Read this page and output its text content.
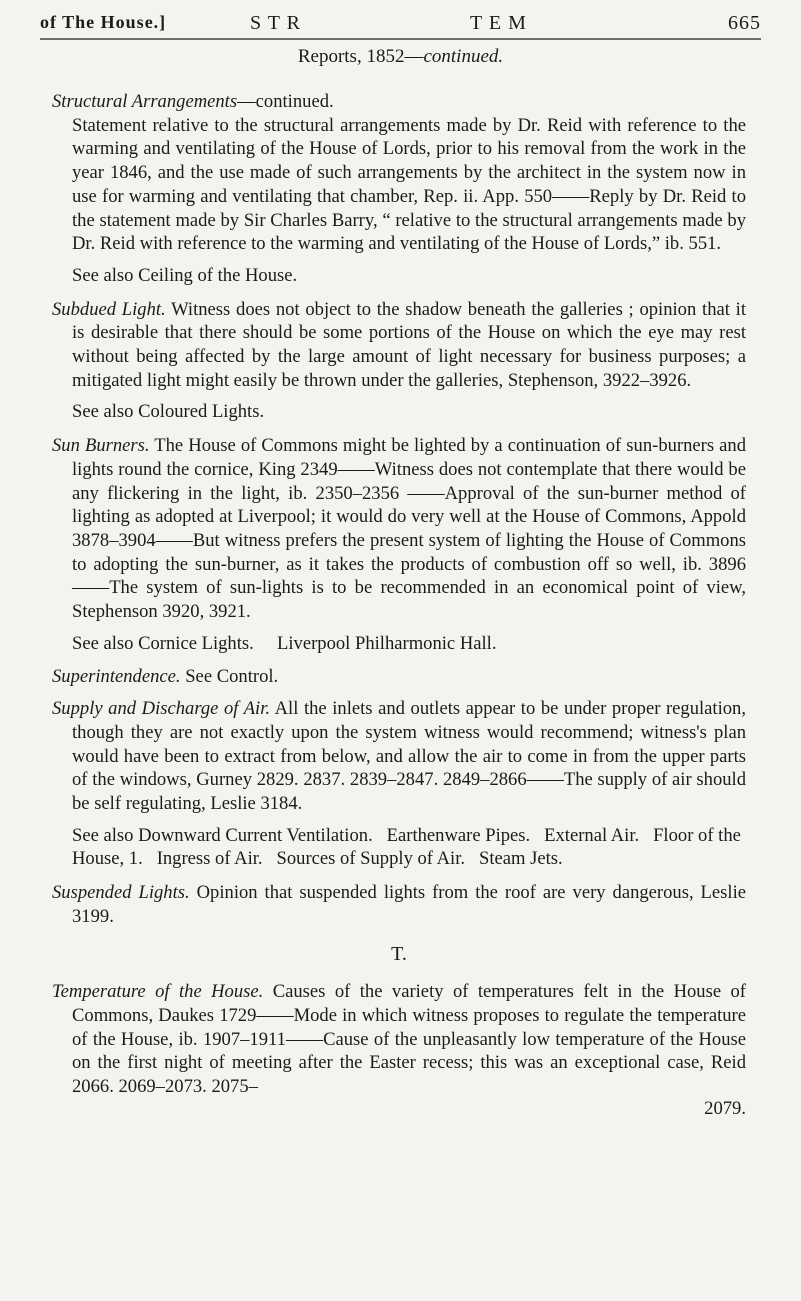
of The House.]	S T R	T E M	665
Reports, 1852—continued.

Structural Arrangements—continued.

Statement relative to the structural arrangements made by Dr. Reid with reference to the warming and ventilating of the House of Lords, prior to his removal from the work in the year 1846, and the use made of such arrangements by the architect in the system now in use for warming and ventilating that chamber, Rep. ii. App. 550——Reply by Dr. Reid to the statement made by Sir Charles Barry, “ relative to the structural arrangements made by Dr. Reid with reference to the warming and ventilating of the House of Lords,” ib. 551.

See also Ceiling of the House.

Subdued Light. Witness does not object to the shadow beneath the galleries ; opinion that it is desirable that there should be some portions of the House on which the eye may rest without being affected by the large amount of light necessary for business purposes; a mitigated light might easily be thrown under the galleries, Stephenson, 3922–3926.

See also Coloured Lights.

Sun Burners. The House of Commons might be lighted by a continuation of sun-burners and lights round the cornice, King 2349——Witness does not contemplate that there would be any flickering in the light, ib. 2350–2356 ——Approval of the sun-burner method of lighting as adopted at Liverpool; it would do very well at the House of Commons, Appold 3878–3904——But witness prefers the present system of lighting the House of Commons to adopting the sun-burner, as it takes the products of combustion off so well, ib. 3896 ——The system of sun-lights is to be recommended in an economical point of view, Stephenson 3920, 3921.

See also Cornice Lights.     Liverpool Philharmonic Hall.

Superintendence. See Control.

Supply and Discharge of Air. All the inlets and outlets appear to be under proper regulation, though they are not exactly upon the system witness would recommend; witness's plan would have been to extract from below, and allow the air to come in from the upper parts of the windows, Gurney 2829. 2837. 2839–2847. 2849–2866——The supply of air should be self regulating, Leslie 3184.

See also Downward Current Ventilation.   Earthenware Pipes.   External Air.   Floor of the House, 1.   Ingress of Air.   Sources of Supply of Air.   Steam Jets.

Suspended Lights. Opinion that suspended lights from the roof are very dangerous, Leslie 3199.

T.

Temperature of the House. Causes of the variety of temperatures felt in the House of Commons, Daukes 1729——Mode in which witness proposes to regulate the temperature of the House, ib. 1907–1911——Cause of the unpleasantly low temperature of the House on the first night of meeting after the Easter recess; this was an exceptional case, Reid 2066. 2069–2073. 2075–

2079.
